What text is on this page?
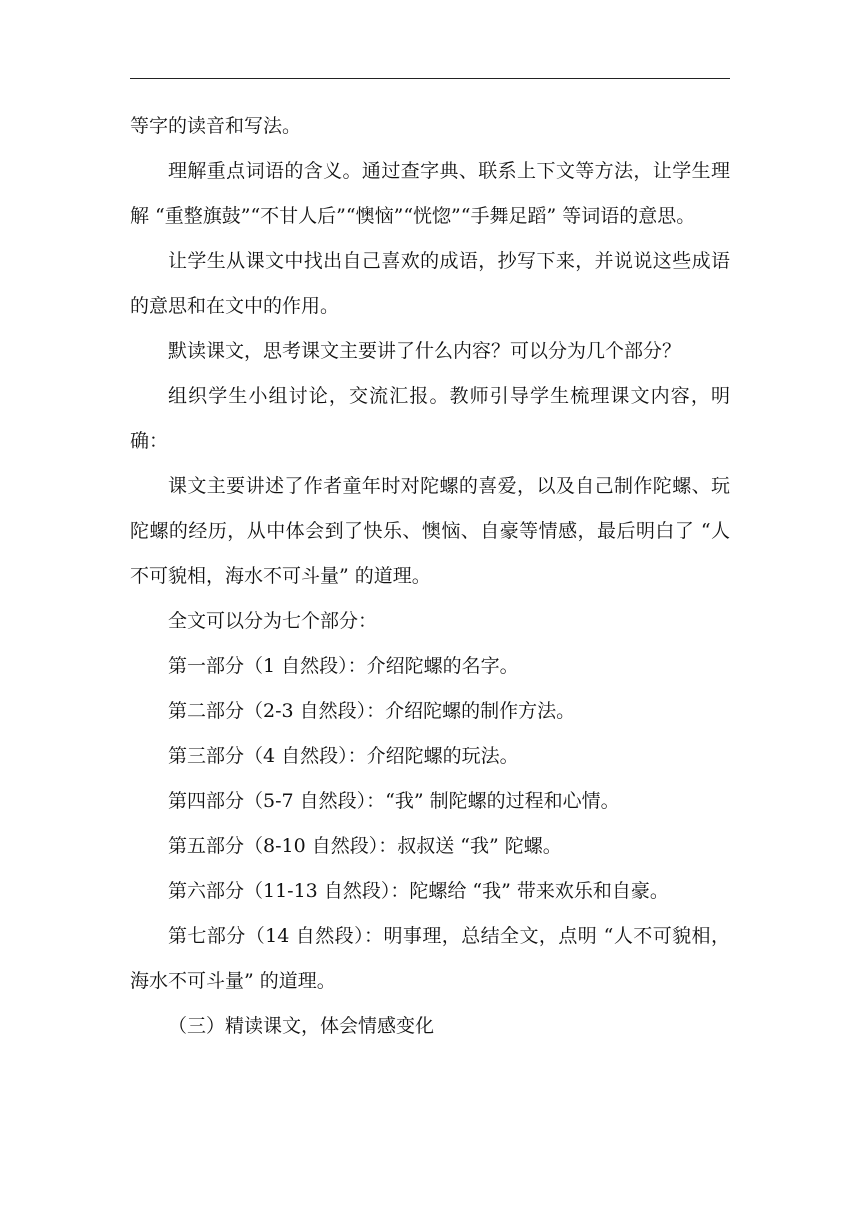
等字的读音和写法。

理解重点词语的含义。通过查字典、联系上下文等方法，让学生理解 “重整旗鼓”“不甘人后”“懊恼”“恍惚”“手舞足蹈” 等词语的意思。

让学生从课文中找出自己喜欢的成语，抄写下来，并说说这些成语的意思和在文中的作用。

默读课文，思考课文主要讲了什么内容？可以分为几个部分？

组织学生小组讨论，交流汇报。教师引导学生梳理课文内容，明确：

课文主要讲述了作者童年时对陀螺的喜爱，以及自己制作陀螺、玩陀螺的经历，从中体会到了快乐、懊恼、自豪等情感，最后明白了 “人不可貌相，海水不可斗量” 的道理。

全文可以分为七个部分：

第一部分（1 自然段）：介绍陀螺的名字。

第二部分（2-3 自然段）：介绍陀螺的制作方法。

第三部分（4 自然段）：介绍陀螺的玩法。

第四部分（5-7 自然段）：“我” 制陀螺的过程和心情。

第五部分（8-10 自然段）：叔叔送 “我” 陀螺。

第六部分（11-13 自然段）：陀螺给 “我” 带来欢乐和自豪。

第七部分（14 自然段）：明事理，总结全文，点明 “人不可貌相，海水不可斗量” 的道理。

（三）精读课文，体会情感变化
